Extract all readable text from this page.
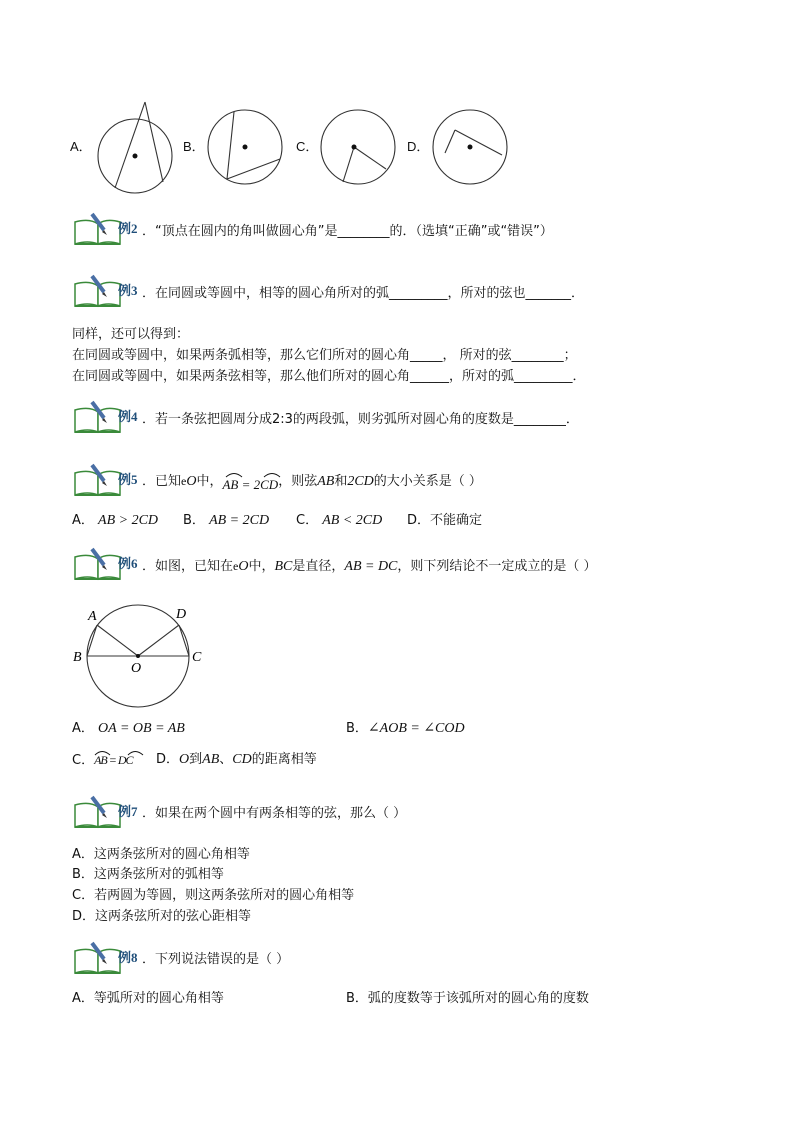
A．	B．	C．	D．
例2 ．“顶点在圆内的角叫做圆心角”是________的．（选填“正确”或“错误”）
例3 ．在同圆或等圆中，相等的圆心角所对的弧_________，所对的弦也_______．
同样，还可以得到：
在同圆或等圆中，如果两条弧相等，那么它们所对的圆心角_____， 所对的弦________；
在同圆或等圆中，如果两条弦相等，那么他们所对的圆心角______，所对的弧_________．
例4 ．若一条弦把圆周分成2:3的两段弧，则劣弧所对圆心角的度数是________．
例5 ．已知eO中，
AB = 2CD，则弦AB和2CD的大小关系是（ ）
A． AB > 2CD B． AB = 2CD C． AB < 2CD D．不能确定
例6 ．如图，已知在eO中，BC是直径，AB = DC，则下列结论不一定成立的是（ ）
A	D
B
O
C
A． OA = OB = AB	B．∠AOB = ∠COD
C．
AB = DC D．O到AB、CD的距离相等
例7 ．如果在两个圆中有两条相等的弦，那么（ ）
A．这两条弦所对的圆心角相等
B．这两条弦所对的弧相等
C．若两圆为等圆，则这两条弦所对的圆心角相等
D．这两条弦所对的弦心距相等
例8 ．下列说法错误的是（ ）
A．等弧所对的圆心角相等	B．弧的度数等于该弧所对的圆心角的度数
